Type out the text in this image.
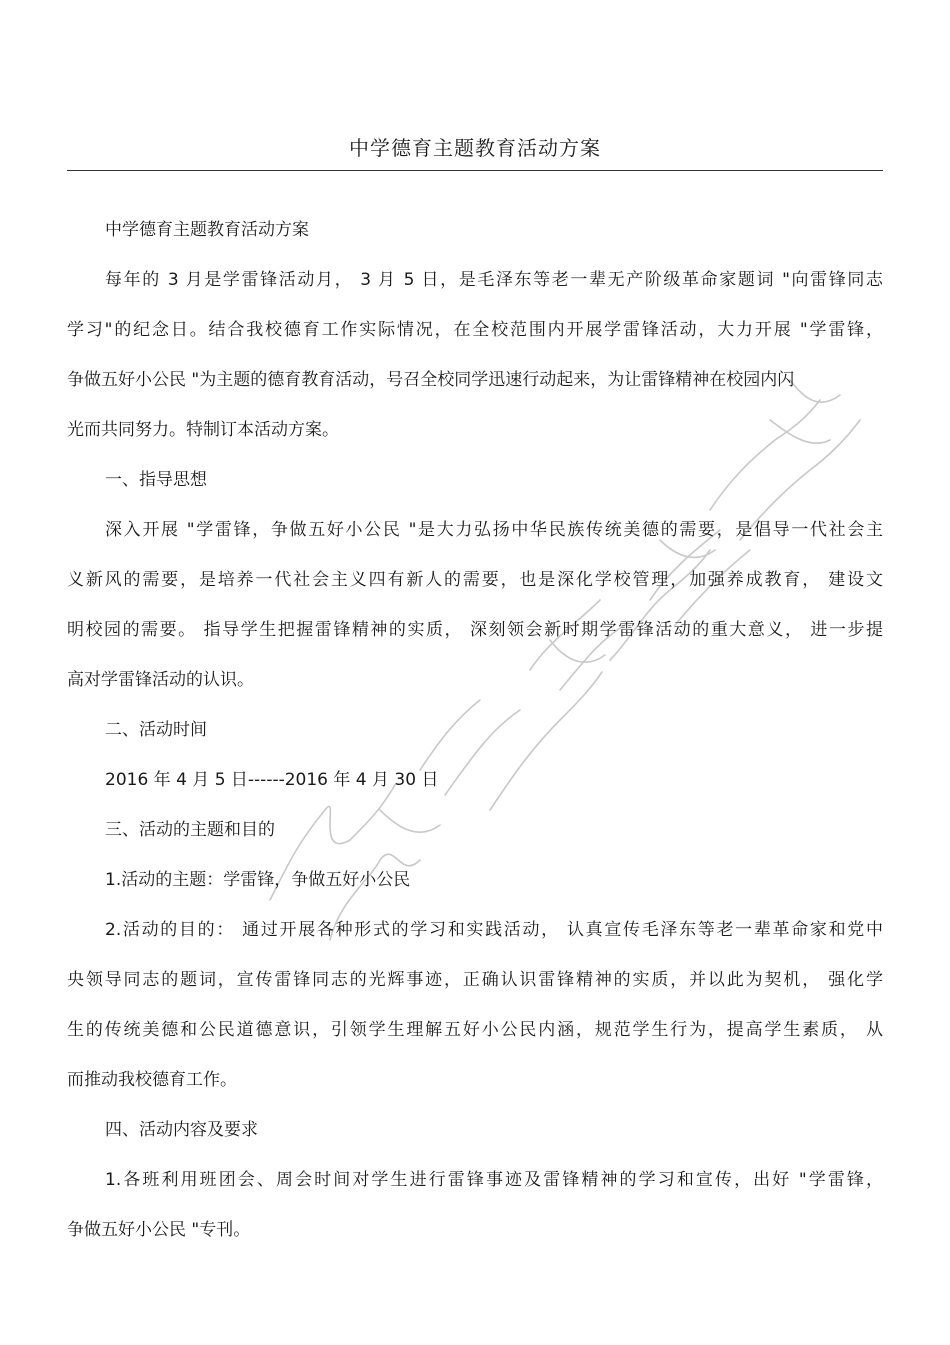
中学德育主题教育活动方案

中学德育主题教育活动方案

每年的 3 月是学雷锋活动月， 3 月 5 日，是毛泽东等老一辈无产阶级革命家题词 "向雷锋同志

学习"的纪念日。结合我校德育工作实际情况，在全校范围内开展学雷锋活动，大力开展 "学雷锋，

争做五好小公民 "为主题的德育教育活动，号召全校同学迅速行动起来，为让雷锋精神在校园内闪

光而共同努力。特制订本活动方案。

一、指导思想

深入开展 "学雷锋，争做五好小公民 "是大力弘扬中华民族传统美德的需要，是倡导一代社会主

义新风的需要，是培养一代社会主义四有新人的需要，也是深化学校管理，加强养成教育， 建设文

明校园的需要。 指导学生把握雷锋精神的实质， 深刻领会新时期学雷锋活动的重大意义， 进一步提

高对学雷锋活动的认识。

二、活动时间

2016 年 4 月 5 日------2016 年 4 月 30 日

三、活动的主题和目的

1.活动的主题：学雷锋，争做五好小公民

2.活动的目的： 通过开展各种形式的学习和实践活动， 认真宣传毛泽东等老一辈革命家和党中

央领导同志的题词，宣传雷锋同志的光辉事迹，正确认识雷锋精神的实质，并以此为契机， 强化学

生的传统美德和公民道德意识，引领学生理解五好小公民内涵，规范学生行为，提高学生素质， 从

而推动我校德育工作。

四、活动内容及要求

1.各班利用班团会、周会时间对学生进行雷锋事迹及雷锋精神的学习和宣传，出好 "学雷锋，

争做五好小公民 "专刊。
